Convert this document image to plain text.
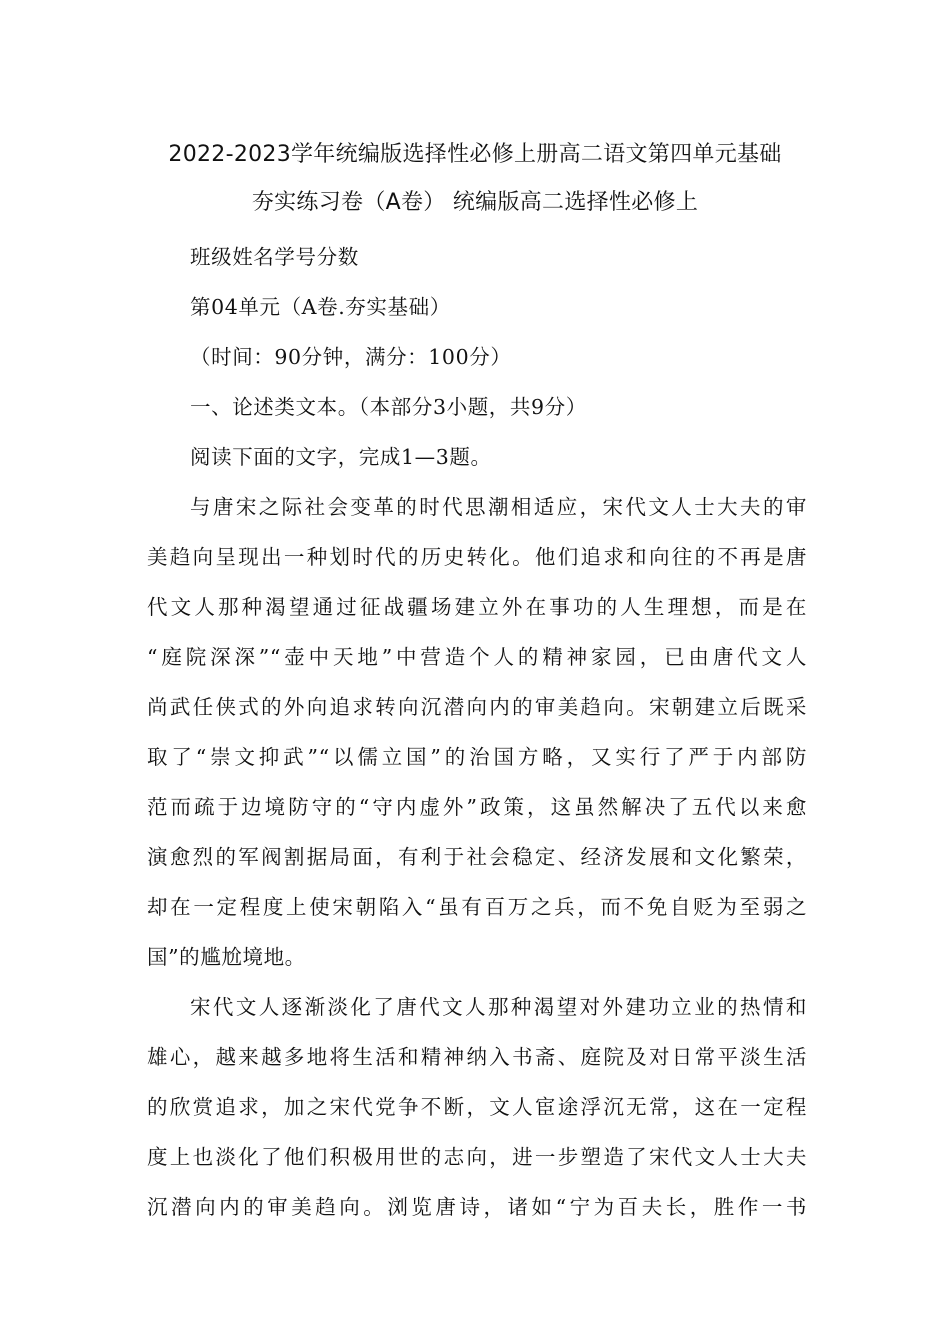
2022-2023学年统编版选择性必修上册高二语文第四单元基础
夯实练习卷（A卷） 统编版高二选择性必修上
班级姓名学号分数
第04单元（A卷.夯实基础）
（时间：90分钟，满分：100分）
一、论述类文本。（本部分3小题，共9分）
阅读下面的文字，完成1—3题。
与唐宋之际社会变革的时代思潮相适应，宋代文人士大夫的审
美趋向呈现出一种划时代的历史转化。他们追求和向往的不再是唐
代文人那种渴望通过征战疆场建立外在事功的人生理想，而是在
“庭院深深”“壶中天地”中营造个人的精神家园，已由唐代文人
尚武任侠式的外向追求转向沉潜向内的审美趋向。宋朝建立后既采
取了“崇文抑武”“以儒立国”的治国方略，又实行了严于内部防
范而疏于边境防守的“守内虚外”政策，这虽然解决了五代以来愈
演愈烈的军阀割据局面，有利于社会稳定、经济发展和文化繁荣，
却在一定程度上使宋朝陷入“虽有百万之兵，而不免自贬为至弱之
国”的尴尬境地。
宋代文人逐渐淡化了唐代文人那种渴望对外建功立业的热情和
雄心，越来越多地将生活和精神纳入书斋、庭院及对日常平淡生活
的欣赏追求，加之宋代党争不断，文人宦途浮沉无常，这在一定程
度上也淡化了他们积极用世的志向，进一步塑造了宋代文人士大夫
沉潜向内的审美趋向。浏览唐诗，诸如“宁为百夫长，胜作一书
